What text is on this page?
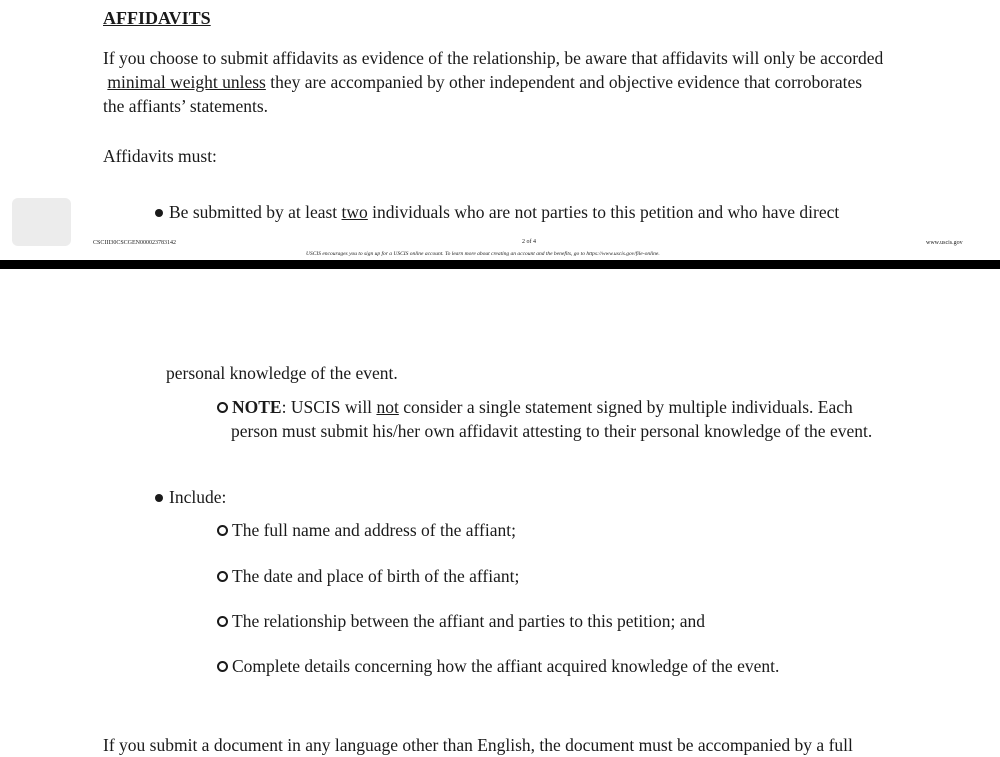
AFFIDAVITS
If you choose to submit affidavits as evidence of the relationship, be aware that affidavits will only be accorded
minimal weight unless they are accompanied by other independent and objective evidence that corroborates
the affiants’ statements.
Affidavits must:
Be submitted by at least two individuals who are not parties to this petition and who have direct
CSCIII30CSCGEN000023783142	2 of 4	www.uscis.gov
USCIS encourages you to sign up for a USCIS online account. To learn more about creating an account and the benefits, go to https://www.uscis.gov/file-online.
personal knowledge of the event.
NOTE: USCIS will not consider a single statement signed by multiple individuals. Each
person must submit his/her own affidavit attesting to their personal knowledge of the event.
Include:
The full name and address of the affiant;
The date and place of birth of the affiant;
The relationship between the affiant and parties to this petition; and
Complete details concerning how the affiant acquired knowledge of the event.
If you submit a document in any language other than English, the document must be accompanied by a full
